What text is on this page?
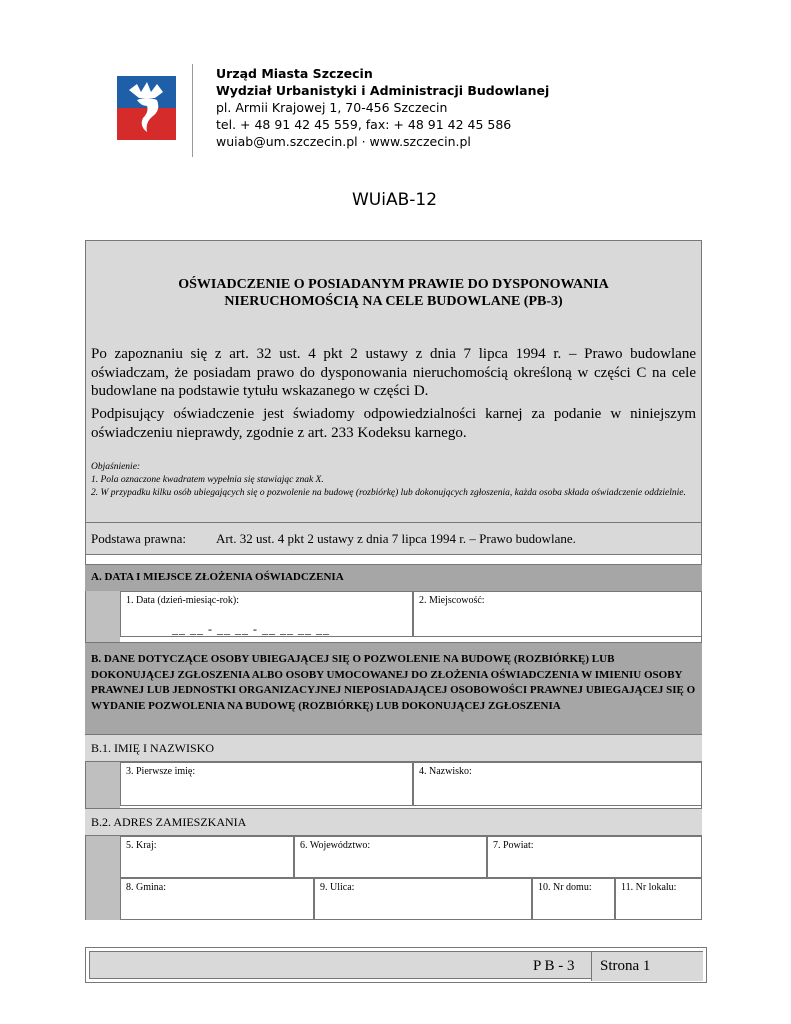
Urząd Miasta Szczecin
Wydział Urbanistyki i Administracji Budowlanej
pl. Armii Krajowej 1, 70-456 Szczecin
tel. + 48 91 42 45 559, fax: + 48 91 42 45 586
wuiab@um.szczecin.pl · www.szczecin.pl
WUiAB-12
OŚWIADCZENIE O POSIADANYM PRAWIE DO DYSPONOWANIA
NIERUCHOMOŚCIĄ NA CELE BUDOWLANE (PB-3)
Po zapoznaniu się z art. 32 ust. 4 pkt 2 ustawy z dnia 7 lipca 1994 r. – Prawo budowlane oświadczam, że posiadam prawo do dysponowania nieruchomością określoną w części C na cele budowlane na podstawie tytułu wskazanego w części D.
Podpisujący oświadczenie jest świadomy odpowiedzialności karnej za podanie w niniejszym oświadczeniu nieprawdy, zgodnie z art. 233 Kodeksu karnego.
Objaśnienie:
1. Pola oznaczone kwadratem wypełnia się stawiając znak X.
2. W przypadku kilku osób ubiegających się o pozwolenie na budowę (rozbiórkę) lub dokonujących zgłoszenia, każda osoba składa oświadczenie oddzielnie.
Podstawa prawna: Art. 32 ust. 4 pkt 2 ustawy z dnia 7 lipca 1994 r. – Prawo budowlane.
A. DATA I MIEJSCE ZŁOŻENIA OŚWIADCZENIA
1. Data (dzień-miesiąc-rok):
__ __ - __ __ - __ __ __ __
2. Miejscowość:
B. DANE DOTYCZĄCE OSOBY UBIEGAJĄCEJ SIĘ O POZWOLENIE NA BUDOWĘ (ROZBIÓRKĘ) LUB DOKONUJĄCEJ ZGŁOSZENIA ALBO OSOBY UMOCOWANEJ DO ZŁOŻENIA OŚWIADCZENIA W IMIENIU OSOBY PRAWNEJ LUB JEDNOSTKI ORGANIZACYJNEJ NIEPOSIADAJĄCEJ OSOBOWOŚCI PRAWNEJ UBIEGAJĄCEJ SIĘ O WYDANIE POZWOLENIA NA BUDOWĘ (ROZBIÓRKĘ) LUB DOKONUJĄCEJ ZGŁOSZENIA
B.1. IMIĘ I NAZWISKO
3. Pierwsze imię:	4. Nazwisko:
B.2. ADRES ZAMIESZKANIA
5. Kraj:	6. Województwo:	7. Powiat:
8. Gmina:	9. Ulica:	10. Nr domu:	11. Nr lokalu:
P B - 3 Strona 1
